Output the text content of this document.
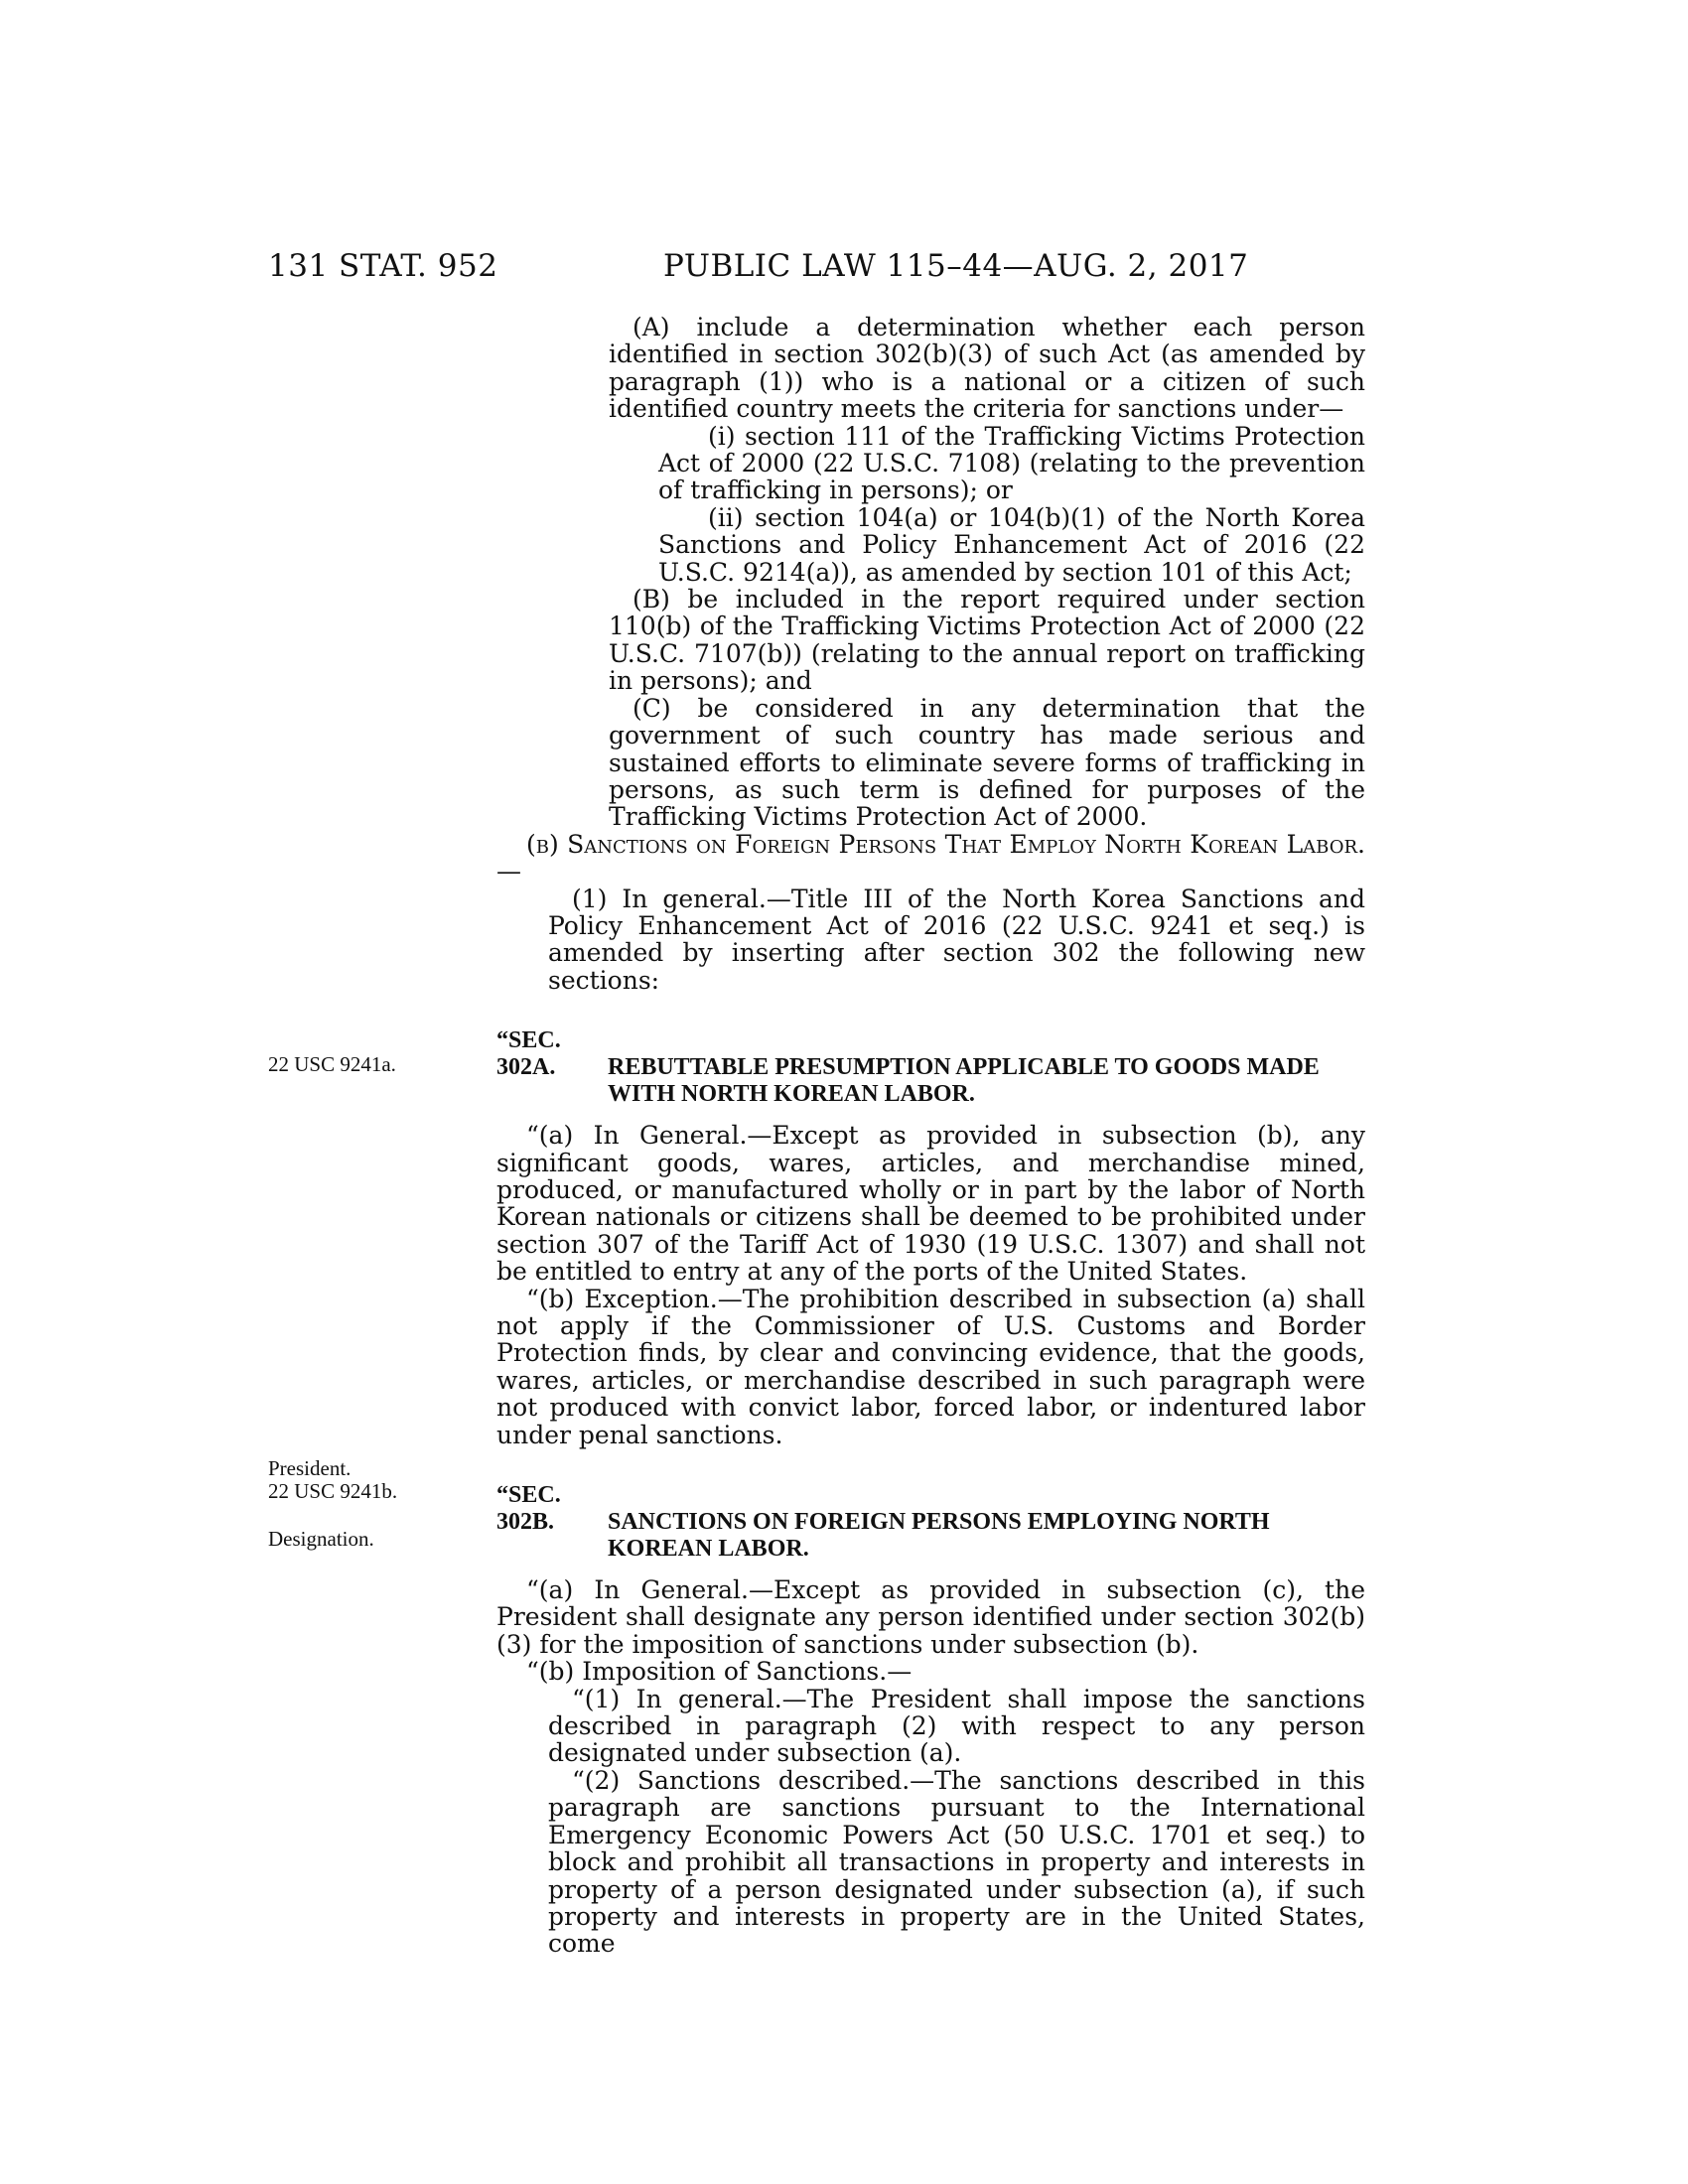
131 STAT. 952	PUBLIC LAW 115–44—AUG. 2, 2017
22 USC 9241a.
President.
22 USC 9241b.
Designation.

(A) include a determination whether each person identified in section 302(b)(3) of such Act (as amended by paragraph (1)) who is a national or a citizen of such identified country meets the criteria for sanctions under—

(i) section 111 of the Trafficking Victims Protection Act of 2000 (22 U.S.C. 7108) (relating to the prevention of trafficking in persons); or

(ii) section 104(a) or 104(b)(1) of the North Korea Sanctions and Policy Enhancement Act of 2016 (22 U.S.C. 9214(a)), as amended by section 101 of this Act;

(B) be included in the report required under section 110(b) of the Trafficking Victims Protection Act of 2000 (22 U.S.C. 7107(b)) (relating to the annual report on trafficking in persons); and

(C) be considered in any determination that the government of such country has made serious and sustained efforts to eliminate severe forms of trafficking in persons, as such term is defined for purposes of the Trafficking Victims Protection Act of 2000.

(b) Sanctions on Foreign Persons That Employ North Korean Labor.—

(1) In general.—Title III of the North Korea Sanctions and Policy Enhancement Act of 2016 (22 U.S.C. 9241 et seq.) is amended by inserting after section 302 the following new sections:

“SEC. 302A. REBUTTABLE PRESUMPTION APPLICABLE TO GOODS MADE WITH NORTH KOREAN LABOR.

“(a) In General.—Except as provided in subsection (b), any significant goods, wares, articles, and merchandise mined, produced, or manufactured wholly or in part by the labor of North Korean nationals or citizens shall be deemed to be prohibited under section 307 of the Tariff Act of 1930 (19 U.S.C. 1307) and shall not be entitled to entry at any of the ports of the United States.

“(b) Exception.—The prohibition described in subsection (a) shall not apply if the Commissioner of U.S. Customs and Border Protection finds, by clear and convincing evidence, that the goods, wares, articles, or merchandise described in such paragraph were not produced with convict labor, forced labor, or indentured labor under penal sanctions.

“SEC. 302B. SANCTIONS ON FOREIGN PERSONS EMPLOYING NORTH KOREAN LABOR.

“(a) In General.—Except as provided in subsection (c), the President shall designate any person identified under section 302(b)(3) for the imposition of sanctions under subsection (b).

“(b) Imposition of Sanctions.—

“(1) In general.—The President shall impose the sanctions described in paragraph (2) with respect to any person designated under subsection (a).

“(2) Sanctions described.—The sanctions described in this paragraph are sanctions pursuant to the International Emergency Economic Powers Act (50 U.S.C. 1701 et seq.) to block and prohibit all transactions in property and interests in property of a person designated under subsection (a), if such property and interests in property are in the United States, come
